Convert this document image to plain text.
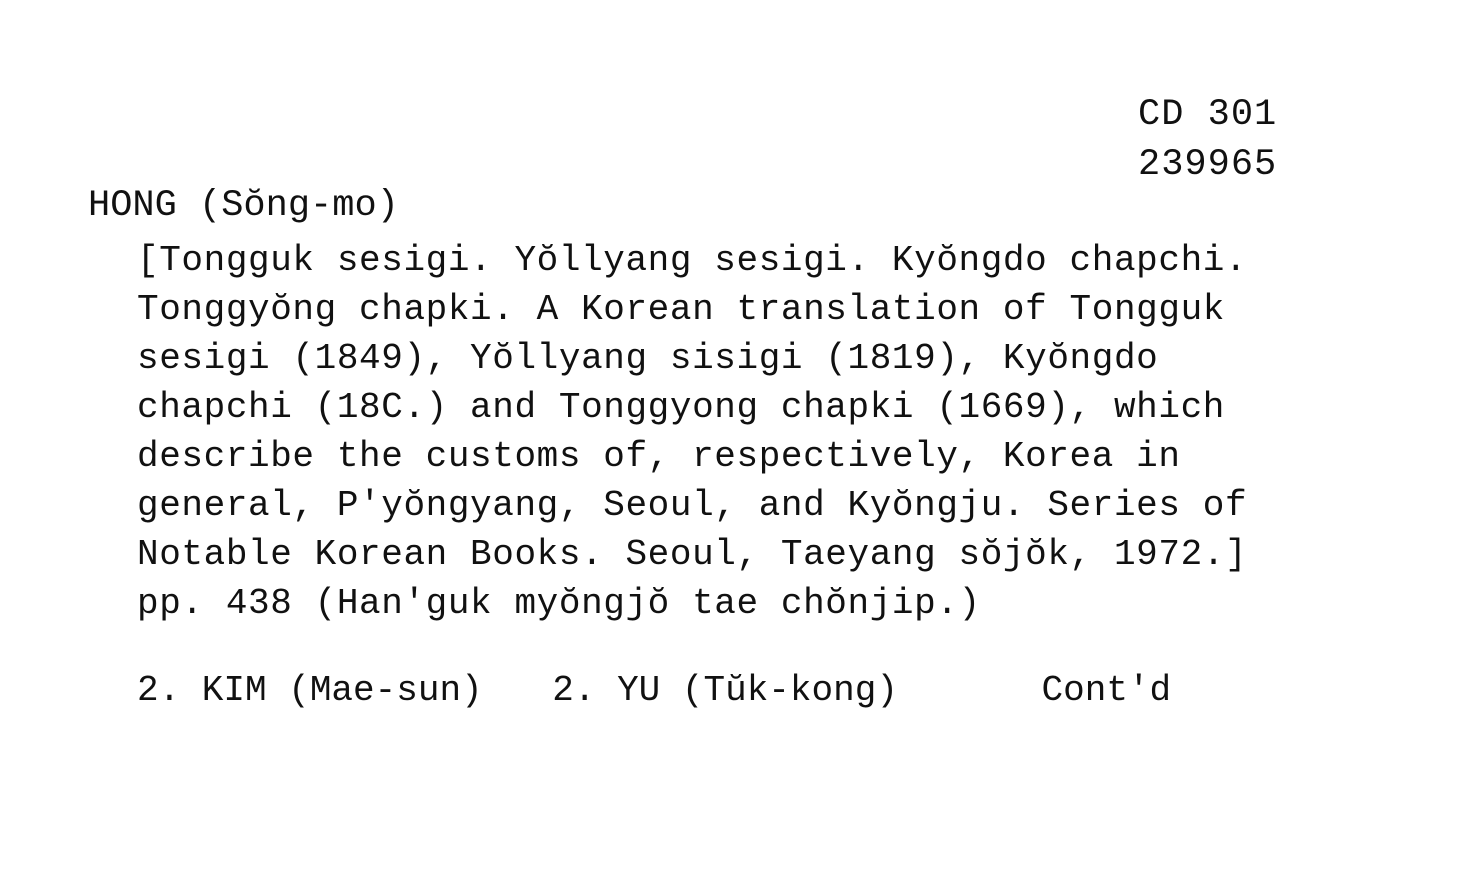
CD 301
239965
HONG (Sŏng-mo)
[Tongguk sesigi. Yŏllyang sesigi. Kyŏngdo chapchi.
Tonggyŏng chapki. A Korean translation of Tongguk
sesigi (1849), Yŏllyang sisigi (1819), Kyŏngdo
chapchi (18C.) and Tonggyong chapki (1669), which
describe the customs of, respectively, Korea in
general, P'yŏngyang, Seoul, and Kyŏngju. Series of
Notable Korean Books. Seoul, Taeyang sŏjŏk, 1972.]
pp. 438 (Han'guk myŏngjŏ tae chŏnjip.)
2. KIM (Mae-sun) 2. YU (Tŭk-kong)	Cont'd
